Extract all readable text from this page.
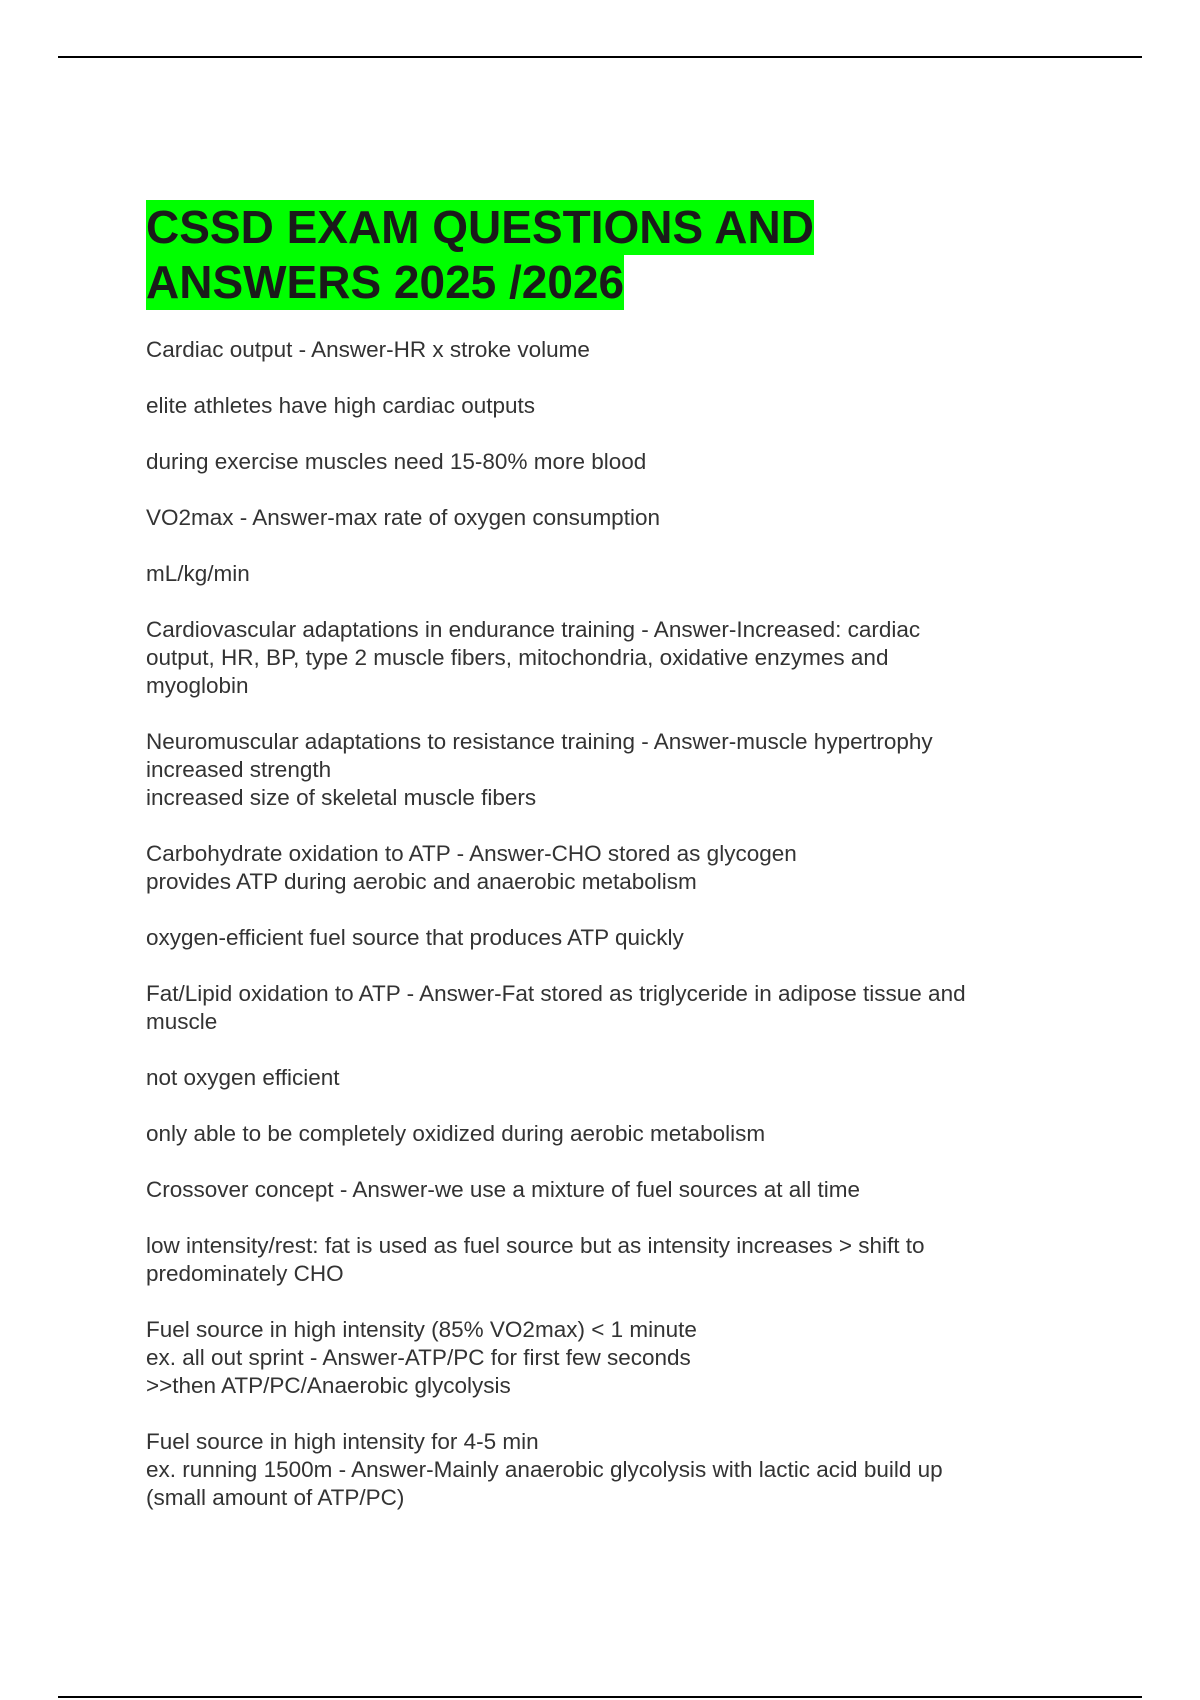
CSSD EXAM QUESTIONS AND
ANSWERS 2025 /2026
Cardiac output - Answer-HR x stroke volume
elite athletes have high cardiac outputs
during exercise muscles need 15-80% more blood
VO2max - Answer-max rate of oxygen consumption
mL/kg/min
Cardiovascular adaptations in endurance training - Answer-Increased: cardiac
output, HR, BP, type 2 muscle fibers, mitochondria, oxidative enzymes and
myoglobin
Neuromuscular adaptations to resistance training - Answer-muscle hypertrophy
increased strength
increased size of skeletal muscle fibers
Carbohydrate oxidation to ATP - Answer-CHO stored as glycogen
provides ATP during aerobic and anaerobic metabolism
oxygen-efficient fuel source that produces ATP quickly
Fat/Lipid oxidation to ATP - Answer-Fat stored as triglyceride in adipose tissue and
muscle
not oxygen efficient
only able to be completely oxidized during aerobic metabolism
Crossover concept - Answer-we use a mixture of fuel sources at all time
low intensity/rest: fat is used as fuel source but as intensity increases > shift to
predominately CHO
Fuel source in high intensity (85% VO2max) < 1 minute
ex. all out sprint - Answer-ATP/PC for first few seconds
>>then ATP/PC/Anaerobic glycolysis
Fuel source in high intensity for 4-5 min
ex. running 1500m - Answer-Mainly anaerobic glycolysis with lactic acid build up
(small amount of ATP/PC)
